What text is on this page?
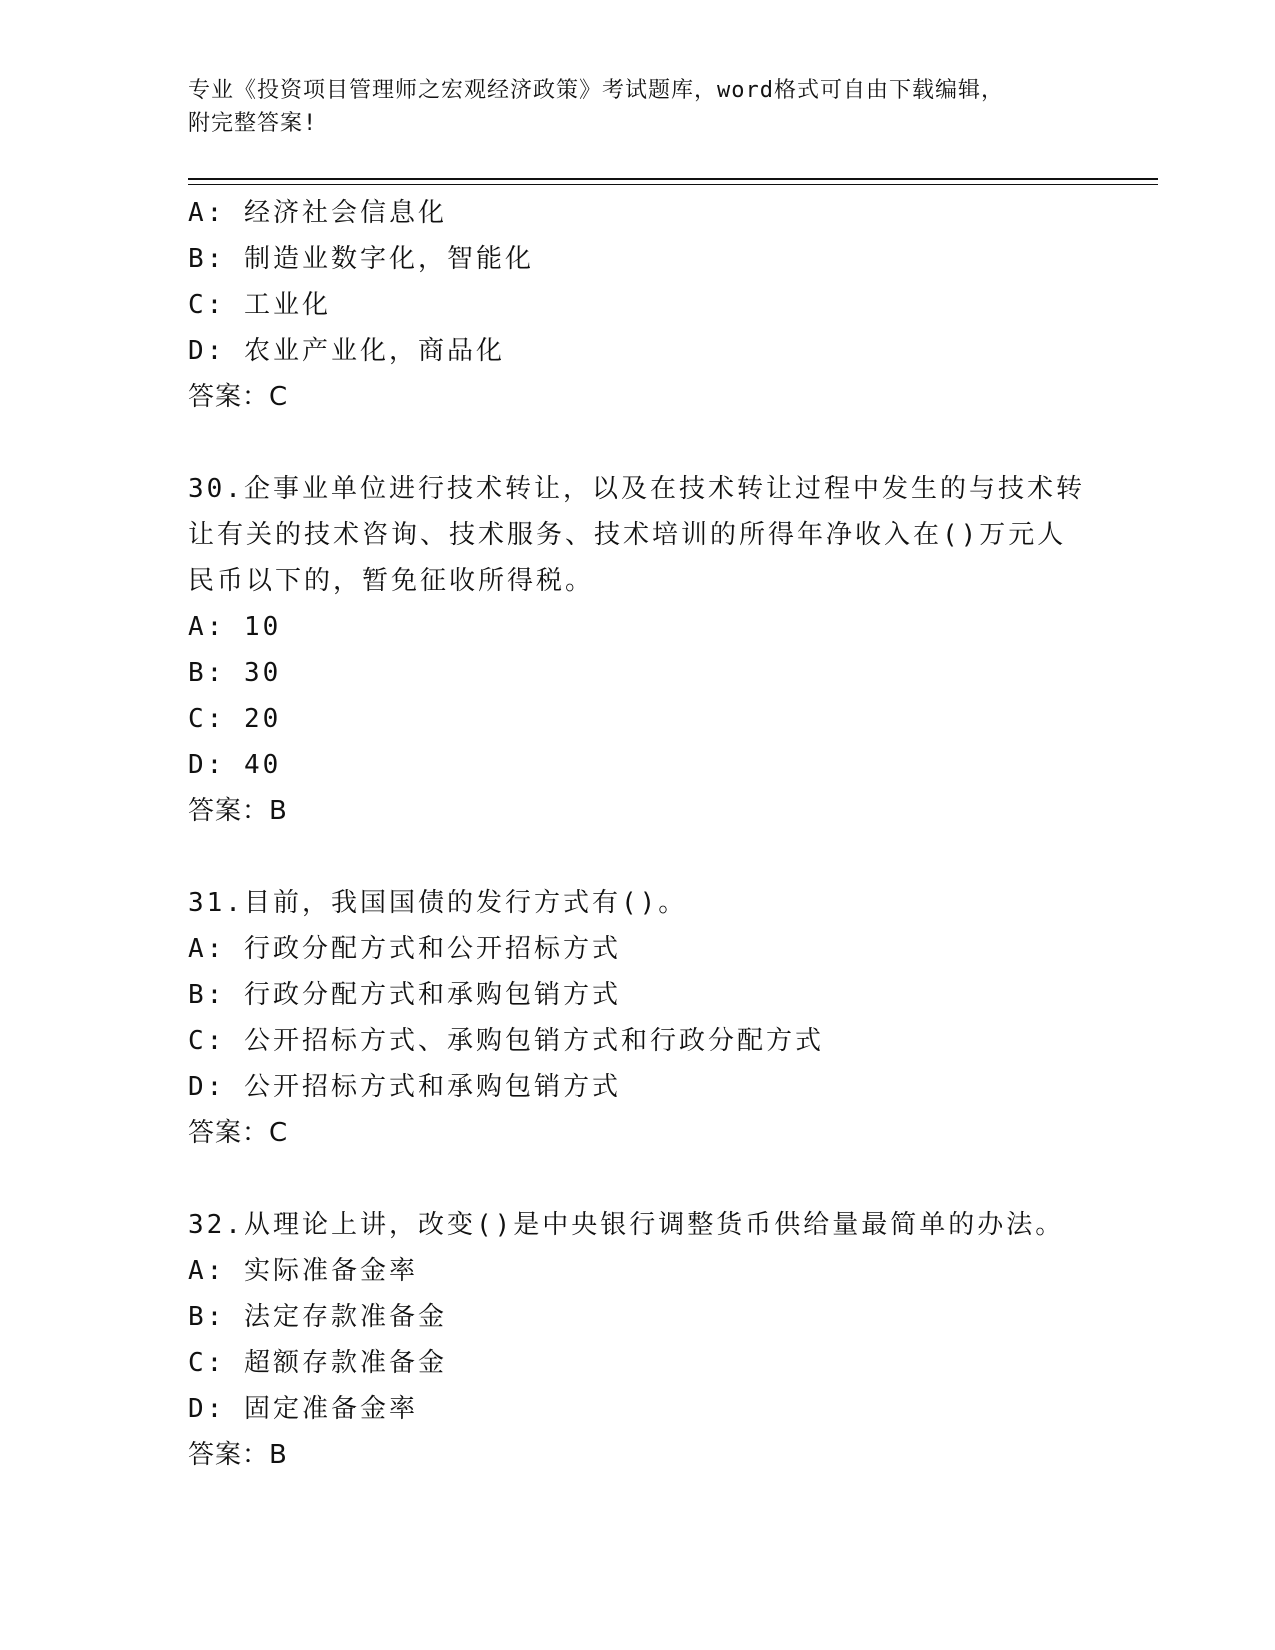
专业《投资项目管理师之宏观经济政策》考试题库，word格式可自由下载编辑，
附完整答案!
A: 经济社会信息化
B: 制造业数字化，智能化
C: 工业化
D: 农业产业化，商品化
答案：C
30.企事业单位进行技术转让，以及在技术转让过程中发生的与技术转
让有关的技术咨询、技术服务、技术培训的所得年净收入在()万元人
民币以下的，暂免征收所得税。
A: 10
B: 30
C: 20
D: 40
答案：B
31.目前，我国国债的发行方式有()。
A: 行政分配方式和公开招标方式
B: 行政分配方式和承购包销方式
C: 公开招标方式、承购包销方式和行政分配方式
D: 公开招标方式和承购包销方式
答案：C
32.从理论上讲，改变()是中央银行调整货币供给量最简单的办法。
A: 实际准备金率
B: 法定存款准备金
C: 超额存款准备金
D: 固定准备金率
答案：B
